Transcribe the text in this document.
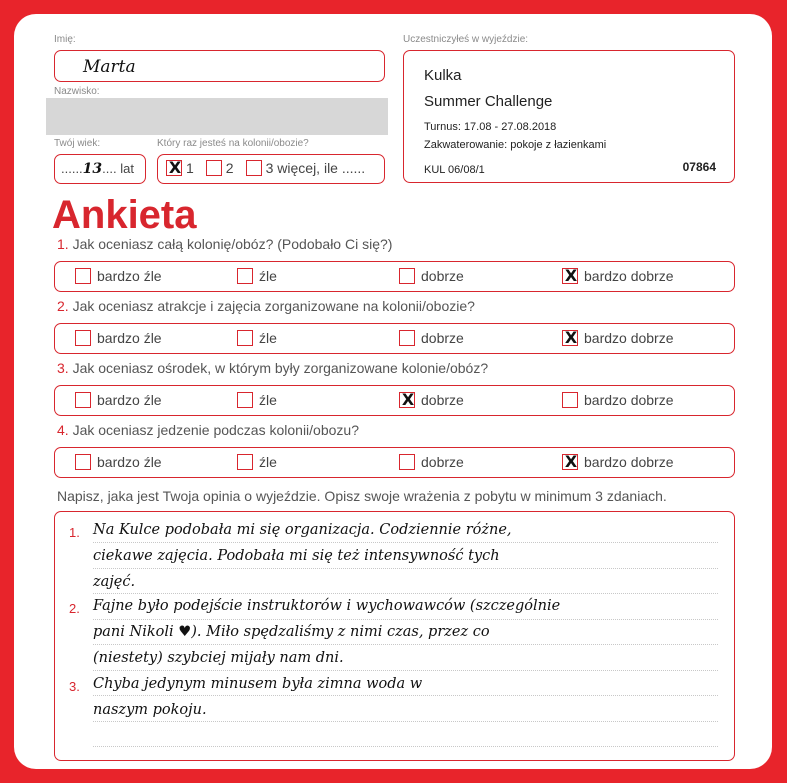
Imię:
Marta
Nazwisko:
Twój wiek:
......13.... lat
Który raz jesteś na kolonii/obozie?
X
1 2 3 więcej, ile ......
Uczestniczyłeś w wyjeździe:
Kulka
Summer Challenge
Turnus: 17.08 - 27.08.2018
Zakwaterowanie: pokoje z łazienkami
KUL 06/08/1	07864
Ankieta
Napisz, jaka jest Twoja opinia o wyjeździe. Opisz swoje wrażenia z pobytu w minimum 3 zdaniach.
1.
2.
3.
Na Kulce podobała mi się organizacja. Codziennie różne,
ciekawe zajęcia. Podobała mi się też intensywność tych
zajęć.
Fajne było podejście instruktorów i wychowawców (szczególnie
pani Nikoli ♥). Miło spędzaliśmy z nimi czas, przez co
(niestety) szybciej mijały nam dni.
Chyba jedynym minusem była zimna woda w
naszym pokoju.
1. Jak oceniasz całą kolonię/obóz? (Podobało Ci się?)
bardzo źle	źle	dobrze X	bardzo dobrze
2. Jak oceniasz atrakcje i zajęcia zorganizowane na kolonii/obozie?
bardzo źle	źle	dobrze X	bardzo dobrze
3. Jak oceniasz ośrodek, w którym były zorganizowane kolonie/obóz?
bardzo źle	źle X	dobrze	bardzo dobrze
4. Jak oceniasz jedzenie podczas kolonii/obozu?
bardzo źle	źle	dobrze X	bardzo dobrze
